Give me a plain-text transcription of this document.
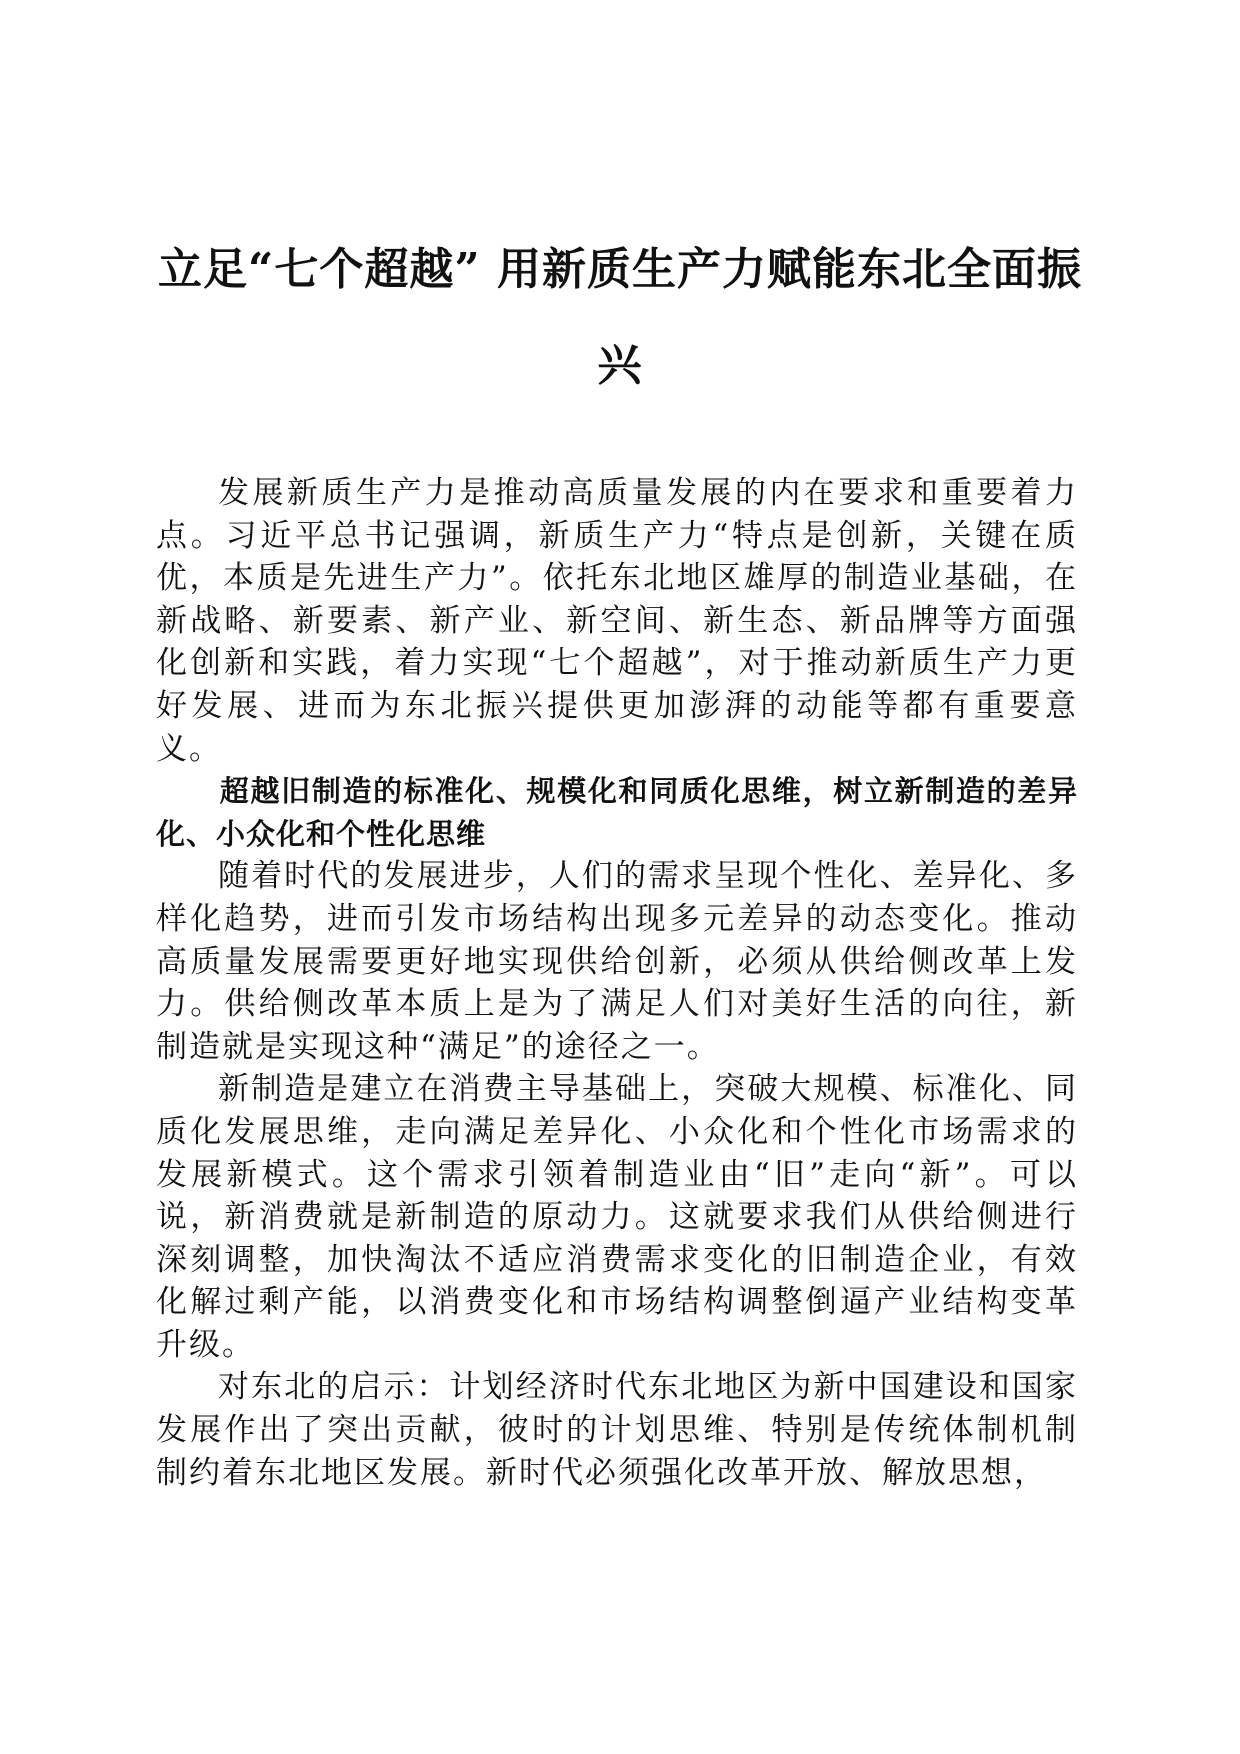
立足“七个超越” 用新质生产力赋能东北全面振兴

发展新质生产力是推动高质量发展的内在要求和重要着力点。习近平总书记强调，新质生产力“特点是创新，关键在质优，本质是先进生产力”。依托东北地区雄厚的制造业基础，在新战略、新要素、新产业、新空间、新生态、新品牌等方面强化创新和实践，着力实现“七个超越”，对于推动新质生产力更好发展、进而为东北振兴提供更加澎湃的动能等都有重要意义。

超越旧制造的标准化、规模化和同质化思维，树立新制造的差异化、小众化和个性化思维

随着时代的发展进步，人们的需求呈现个性化、差异化、多样化趋势，进而引发市场结构出现多元差异的动态变化。推动高质量发展需要更好地实现供给创新，必须从供给侧改革上发力。供给侧改革本质上是为了满足人们对美好生活的向往，新制造就是实现这种“满足”的途径之一。

新制造是建立在消费主导基础上，突破大规模、标准化、同质化发展思维，走向满足差异化、小众化和个性化市场需求的发展新模式。这个需求引领着制造业由“旧”走向“新”。可以说，新消费就是新制造的原动力。这就要求我们从供给侧进行深刻调整，加快淘汰不适应消费需求变化的旧制造企业，有效化解过剩产能，以消费变化和市场结构调整倒逼产业结构变革升级。

对东北的启示：计划经济时代东北地区为新中国建设和国家发展作出了突出贡献，彼时的计划思维、特别是传统体制机制制约着东北地区发展。新时代必须强化改革开放、解放思想，
